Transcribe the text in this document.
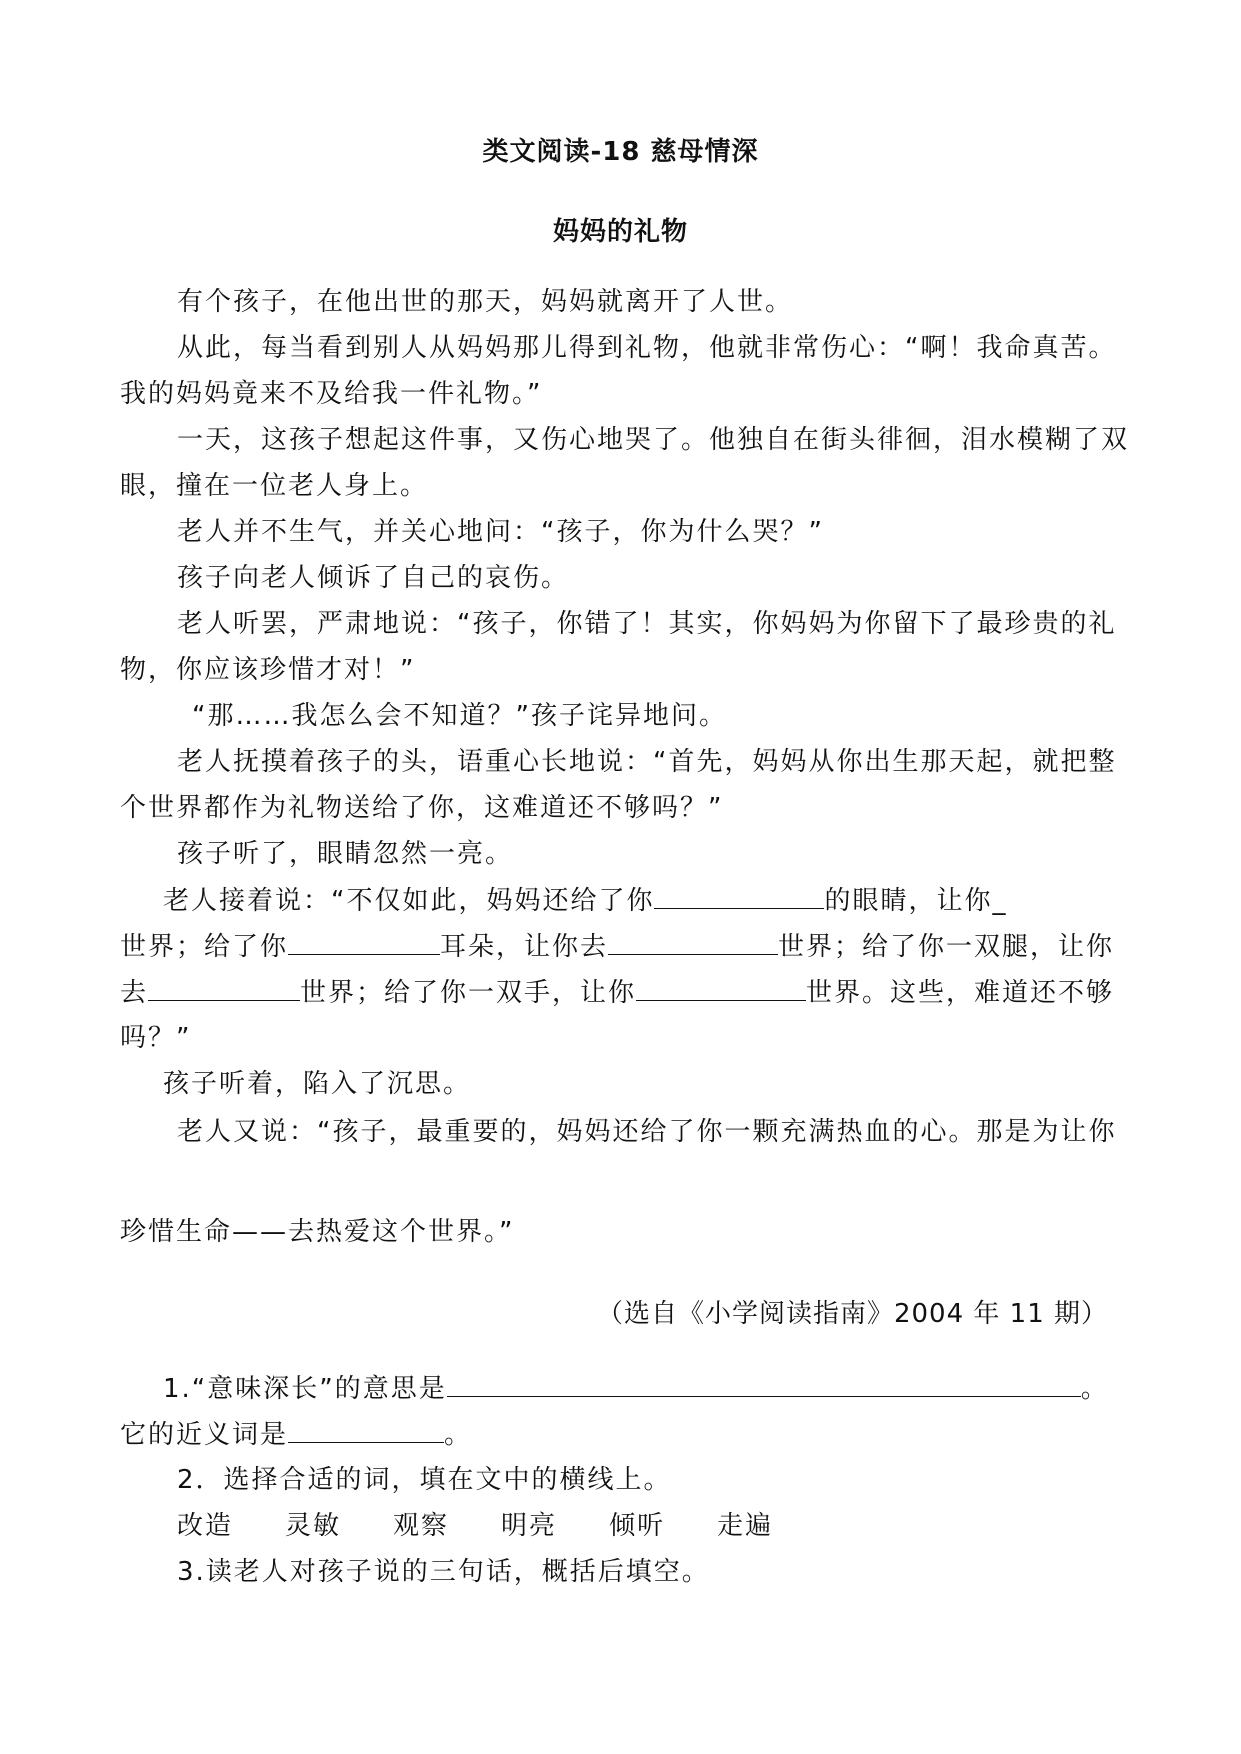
类文阅读-18 慈母情深
妈妈的礼物
有个孩子，在他出世的那天，妈妈就离开了人世。
从此，每当看到别人从妈妈那儿得到礼物，他就非常伤心：“啊！我命真苦。
我的妈妈竟来不及给我一件礼物。”
一天，这孩子想起这件事，又伤心地哭了。他独自在街头徘徊，泪水模糊了双
眼，撞在一位老人身上。
老人并不生气，并关心地问：“孩子，你为什么哭？”
孩子向老人倾诉了自己的哀伤。
老人听罢，严肃地说：“孩子，你错了！其实，你妈妈为你留下了最珍贵的礼
物，你应该珍惜才对！”
“那……我怎么会不知道？”孩子诧异地问。
老人抚摸着孩子的头，语重心长地说：“首先，妈妈从你出生那天起，就把整
个世界都作为礼物送给了你，这难道还不够吗？”
孩子听了，眼睛忽然一亮。
老人接着说：“不仅如此，妈妈还给了你	的眼睛，让你_
世界；给了你	耳朵，让你去	世界；给了你一双腿，让你
去	世界；给了你一双手，让你	世界。这些，难道还不够
吗？”
孩子听着，陷入了沉思。
老人又说：“孩子，最重要的，妈妈还给了你一颗充满热血的心。那是为让你
珍惜生命——去热爱这个世界。”
（选自《小学阅读指南》2004 年 11 期）
1.“意味深长”的意思是	。
它的近义词是	。
2．选择合适的词，填在文中的横线上。
改造 灵敏 观察 明亮 倾听 走遍
3.读老人对孩子说的三句话，概括后填空。
